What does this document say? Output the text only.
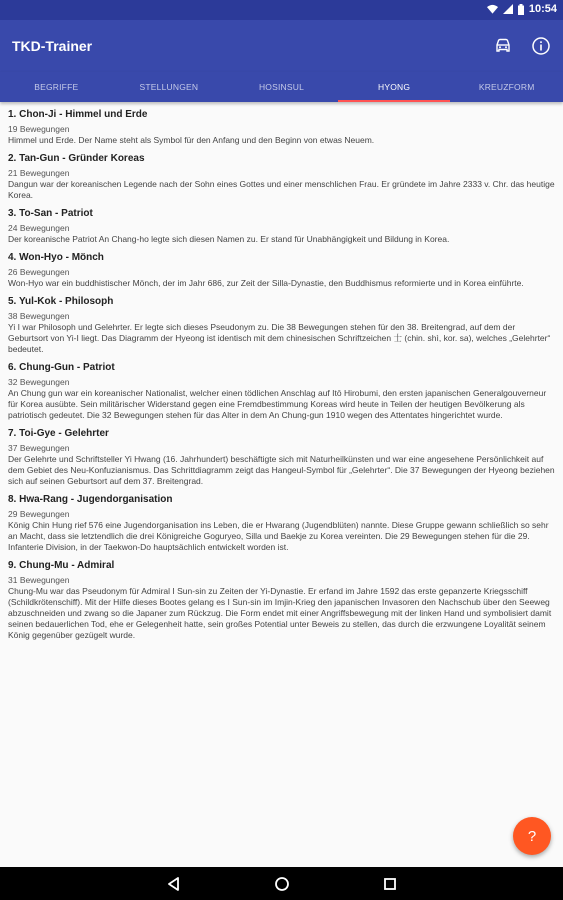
10:54
TKD-Trainer
BEGRIFFE	STELLUNGEN	HOSINSUL	HYONG	KREUZFORM
1. Chon-Ji - Himmel und Erde
19 Bewegungen
Himmel und Erde. Der Name steht als Symbol für den Anfang und den Beginn von etwas Neuem.
2. Tan-Gun - Gründer Koreas
21 Bewegungen
Dangun war der koreanischen Legende nach der Sohn eines Gottes und einer menschlichen Frau. Er gründete im Jahre 2333 v. Chr. das heutige Korea.
3. To-San - Patriot
24 Bewegungen
Der koreanische Patriot An Chang-ho legte sich diesen Namen zu. Er stand für Unabhängigkeit und Bildung in Korea.
4. Won-Hyo - Mönch
26 Bewegungen
Won-Hyo war ein buddhistischer Mönch, der im Jahr 686, zur Zeit der Silla-Dynastie, den Buddhismus reformierte und in Korea einführte.
5. Yul-Kok - Philosoph
38 Bewegungen
Yi I war Philosoph und Gelehrter. Er legte sich dieses Pseudonym zu. Die 38 Bewegungen stehen für den 38. Breitengrad, auf dem der Geburtsort von Yi-I liegt. Das Diagramm der Hyeong ist identisch mit dem chinesischen Schriftzeichen 士 (chin. shì, kor. sa), welches „Gelehrter“ bedeutet.
6. Chung-Gun - Patriot
32 Bewegungen
An Chung gun war ein koreanischer Nationalist, welcher einen tödlichen Anschlag auf Itō Hirobumi, den ersten japanischen Generalgouverneur für Korea ausübte. Sein militärischer Widerstand gegen eine Fremdbestimmung Koreas wird heute in Teilen der heutigen Bevölkerung als patriotisch gedeutet. Die 32 Bewegungen stehen für das Alter in dem An Chung-gun 1910 wegen des Attentates hingerichtet wurde.
7. Toi-Gye - Gelehrter
37 Bewegungen
Der Gelehrte und Schriftsteller Yi Hwang (16. Jahrhundert) beschäftigte sich mit Naturheilkünsten und war eine angesehene Persönlichkeit auf dem Gebiet des Neu-Konfuzianismus. Das Schrittdiagramm zeigt das Hangeul-Symbol für „Gelehrter“. Die 37 Bewegungen der Hyeong beziehen sich auf seinen Geburtsort auf dem 37. Breitengrad.
8. Hwa-Rang - Jugendorganisation
29 Bewegungen
König Chin Hung rief 576 eine Jugendorganisation ins Leben, die er Hwarang (Jugendblüten) nannte. Diese Gruppe gewann schließlich so sehr an Macht, dass sie letztendlich die drei Königreiche Goguryeo, Silla und Baekje zu Korea vereinten. Die 29 Bewegungen stehen für die 29. Infanterie Division, in der Taekwon-Do hauptsächlich entwickelt worden ist.
9. Chung-Mu - Admiral
31 Bewegungen
Chung-Mu war das Pseudonym für Admiral I Sun-sin zu Zeiten der Yi-Dynastie. Er erfand im Jahre 1592 das erste gepanzerte Kriegsschiff (Schildkrötenschiff). Mit der Hilfe dieses Bootes gelang es I Sun-sin im Imjin-Krieg den japanischen Invasoren den Nachschub über den Seeweg abzuschneiden und zwang so die Japaner zum Rückzug. Die Form endet mit einer Angriffsbewegung mit der linken Hand und symbolisiert damit seinen bedauerlichen Tod, ehe er Gelegenheit hatte, sein großes Potential unter Beweis zu stellen, das durch die erzwungene Loyalität seinem König gegenüber gezügelt wurde.
?
